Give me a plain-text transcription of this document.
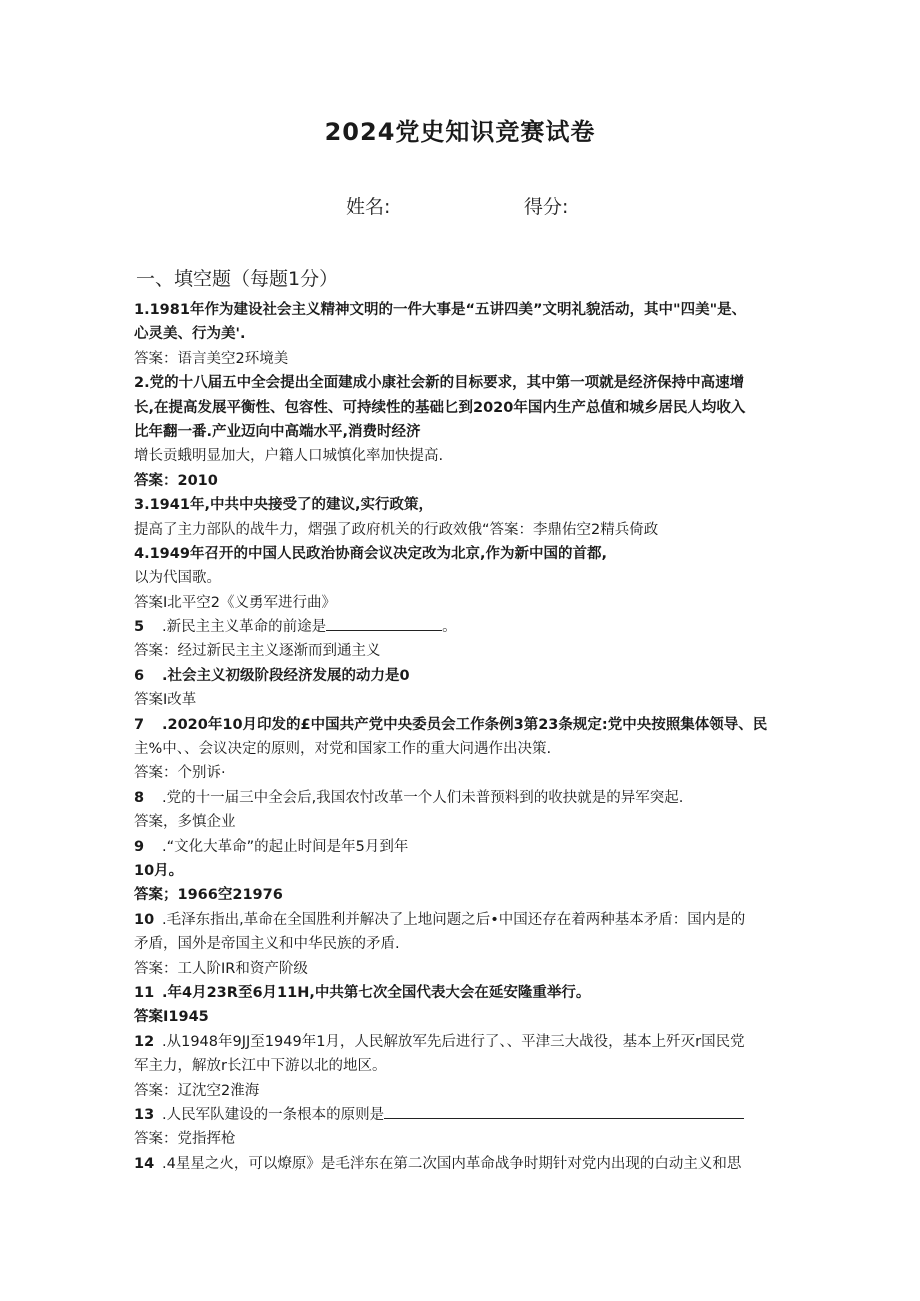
2024党史知识竞赛试卷
姓名:	得分:
一、填空题（每题1分）
1.1981年作为建设社会主义精神文明的一件大事是“五讲四美”文明礼貌活动，其中"四美"是、
心灵美、行为美'.
答案：语言美空2环境美
2.党的十八届五中全会提出全面建成小康社会新的目标要求，其中第一项就是经济保持中高速增
长,在提高发展平衡性、包容性、可持续性的基础匕到2020年国内生产总值和城乡居民人均收入
比年翻一番.产业迈向中高端水平,消费时经济
增长贡蛾明显加大，户籍人口城慎化率加快提高.
答案：2010
3.1941年,中共中央接受了的建议,实行政策，
提高了主力部队的战牛力，熠强了政府机关的行政效俄“答案：李鼎佑空2精兵倚政
4.1949年召开的中国人民政治协商会议决定改为北京,作为新中国的首都,
以为代国歌。
答案I北平空2《义勇军进行曲》
5 .新民主主义革命的前途是	。
答案：经过新民主主义逐渐而到通主义
6 .社会主义初级阶段经济发展的动力是0
答案I改革
7 .2020年10月印发的£中国共产党中央委员会工作条例3第23条规定:党中央按照集体领导、民
主%中、、会议决定的原则，对党和国家工作的重大问遇作出决策.
答案：个别诉·
8 .党的十一届三中全会后,我国农忖改革一个人们未普预料到的收抉就是的异军突起.
答案，多慎企业
9 .“文化大革命”的起止时间是年5月到年
10月。
答案；1966空21976
10 .毛泽东指出,革命在全国胜利并解决了上地问题之后•中国还存在着两种基本矛盾：国内是的
矛盾，国外是帝国主义和中华民族的矛盾.
答案：工人阶IR和资产阶级
11 .年4月23R至6月11H,中共第七次全国代表大会在延安隆重举行。
答案I1945
12 .从1948年9JJ至1949年1月，人民解放军先后进行了、、平津三大战役，基本上歼灭r国民党
军主力，解放r长江中下游以北的地区。
答案：辽沈空2淮海
13 .人民军队建设的一条根本的原则是
答案：党指挥枪
14 .4星星之火，可以燎原》是毛泮东在第二次国内革命战争时期针对党内出现的白动主义和思
